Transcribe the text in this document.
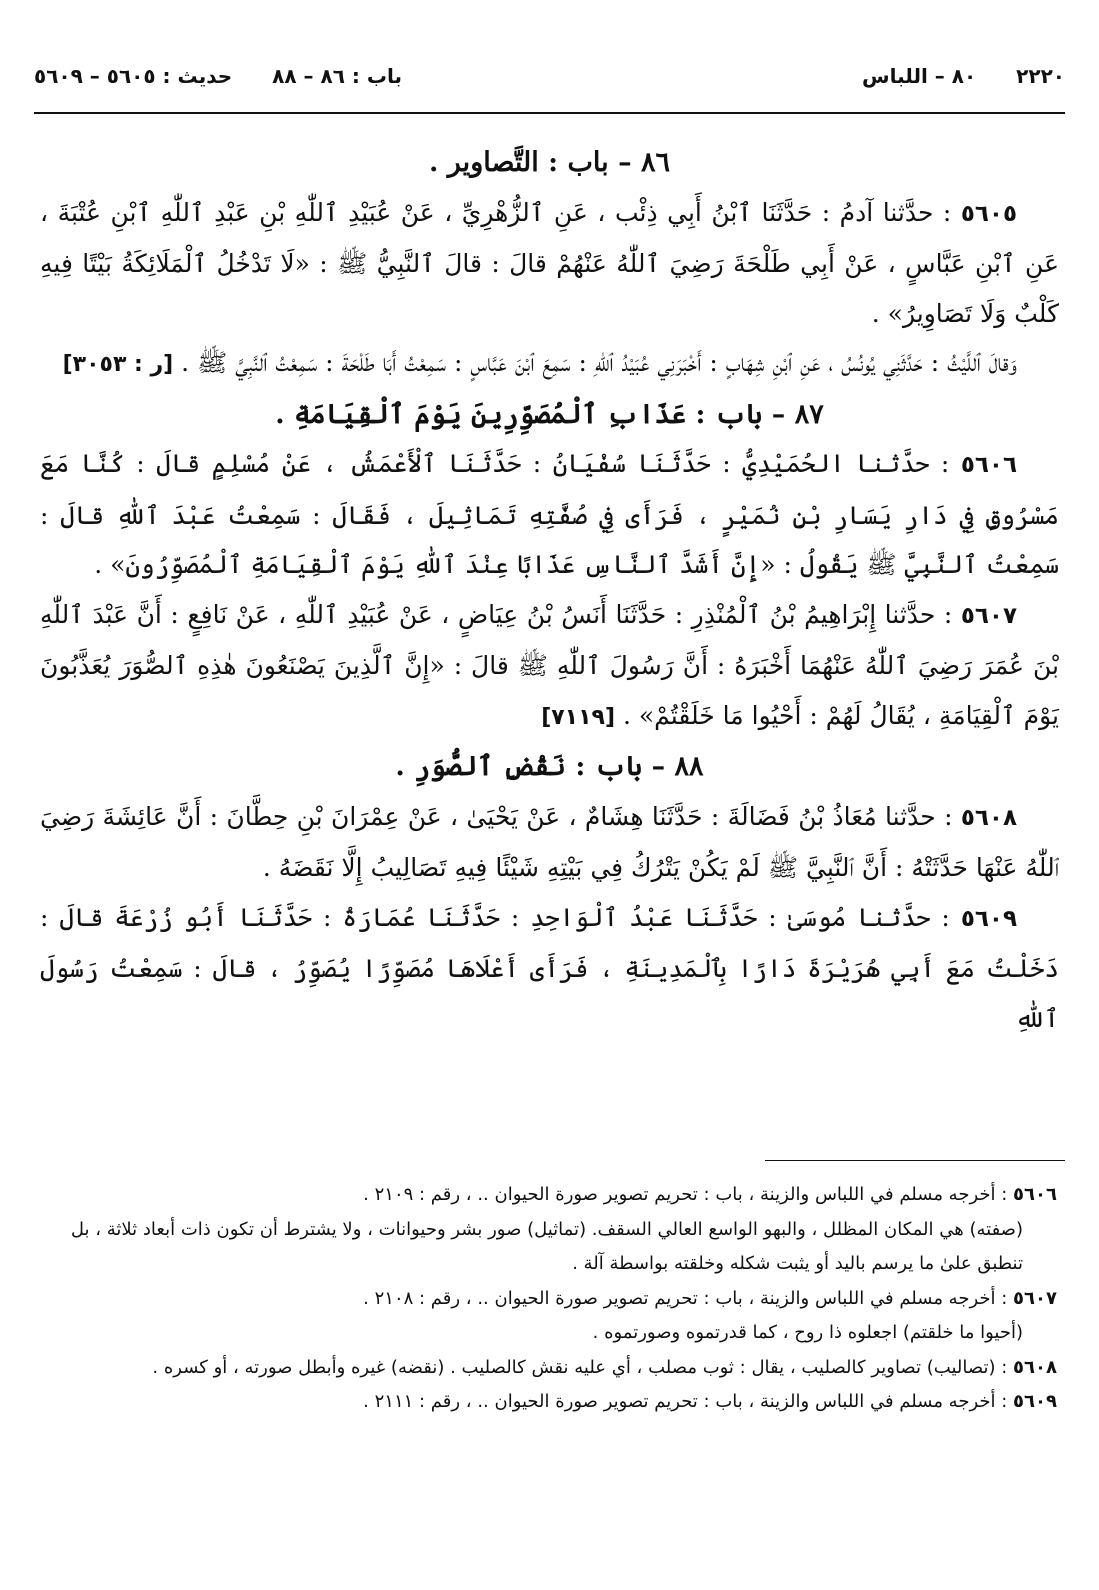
٢٢٢٠
٨٠ – اللباس
باب : ٨٦ – ٨٨
حديث : ٥٦٠٥ – ٥٦٠٩

٨٦ – باب : التَّصاوير .

٥٦٠٥ : حدَّثنا آدمُ : حَدَّثَنَا ٱبْنُ أَبِي ذِئْب ، عَنِ ٱلزُّهْرِيِّ ، عَنْ عُبَيْدِ ٱللّٰهِ بْنِ عَبْدِ ٱللّٰهِ ٱبْنِ عُتْبَةَ ، عَنِ ٱبْنِ عَبَّاسٍ ، عَنْ أَبِي طَلْحَةَ رَضِيَ ٱللّٰهُ عَنْهُمْ قالَ : قالَ ٱلنَّبِيُّ ﷺ : «لَا تَدْخُلُ ٱلْمَلَائِكَةُ بَيْتًا فِيهِ كَلْبٌ وَلَا تَصَاوِيرُ» .

وَقالَ ٱللَّيْثُ : حَدَّثَنِي يُونُسُ ، عَنِ ٱبْنِ شِهَابٍ : أَخْبَرَنِي عُبَيْدُ ٱللّٰهِ : سَمِعَ ٱبْنَ عَبَّاسٍ : سَمِعْتُ أَبَا طَلْحَةَ : سَمِعْتُ ٱلنَّبِيَّ ﷺ . [ر : ٣٠٥٣]

٨٧ – باب : عَذَابِ ٱلْمُصَوِّرِينَ يَوْمَ ٱلْقِيَامَةِ .

٥٦٠٦ : حدَّثنا الحُمَيْدِيُّ : حَدَّثَنَا سُفْيَانُ : حَدَّثَنَا ٱلْأَعْمَشُ ، عَنْ مُسْلِمٍ قالَ : كُنَّا مَعَ مَسْرُوقٍ فِي دَارِ يَسَارِ بْنِ نُمَيْرٍ ، فَرَأَى فِي صُفَّتِهِ تَمَاثِيلَ ، فَقَالَ : سَمِعْتُ عَبْدَ ٱللّٰهِ قالَ : سَمِعْتُ ٱلنَّبِيَّ ﷺ يَقُولُ : «إِنَّ أَشَدَّ ٱلنَّاسِ عَذَابًا عِنْدَ ٱللّٰهِ يَوْمَ ٱلْقِيَامَةِ ٱلْمُصَوِّرُونَ» .

٥٦٠٧ : حدَّثنا إِبْرَاهِيمُ بْنُ ٱلْمُنْذِرِ : حَدَّثَنَا أَنَسُ بْنُ عِيَاضٍ ، عَنْ عُبَيْدِ ٱللّٰهِ ، عَنْ نَافِعٍ : أَنَّ عَبْدَ ٱللّٰهِ بْنَ عُمَرَ رَضِيَ ٱللّٰهُ عَنْهُمَا أَخْبَرَهُ : أَنَّ رَسُولَ ٱللّٰهِ ﷺ قالَ : «إِنَّ ٱلَّذِينَ يَصْنَعُونَ هٰذِهِ ٱلصُّوَرَ يُعَذَّبُونَ يَوْمَ ٱلْقِيَامَةِ ، يُقَالُ لَهُمْ : أَحْيُوا مَا خَلَقْتُمْ» . [٧١١٩]

٨٨ – باب : نَقْضِ ٱلصُّوَرِ .

٥٦٠٨ : حدَّثنا مُعَاذُ بْنُ فَضَالَةَ : حَدَّثَنَا هِشَامٌ ، عَنْ يَحْيَىٰ ، عَنْ عِمْرَانَ بْنِ حِطَّانَ : أَنَّ عَائِشَةَ رَضِيَ ٱللّٰهُ عَنْهَا حَدَّثَتْهُ : أَنَّ ٱلنَّبِيَّ ﷺ لَمْ يَكُنْ يَتْرُكُ فِي بَيْتِهِ شَيْئًا فِيهِ تَصَالِيبُ إِلَّا نَقَضَهُ .

٥٦٠٩ : حدَّثنا مُوسَىٰ : حَدَّثَنَا عَبْدُ ٱلْوَاحِدِ : حَدَّثَنَا عُمَارَةُ : حَدَّثَنَا أَبُو زُرْعَةَ قالَ : دَخَلْتُ مَعَ أَبِي هُرَيْرَةَ دَارًا بِٱلْمَدِينَةِ ، فَرَأَى أَعْلَاهَا مُصَوِّرًا يُصَوِّرُ ، قالَ : سَمِعْتُ رَسُولَ ٱللّٰهِ

٥٦٠٦ : أخرجه مسلم في اللباس والزينة ، باب : تحريم تصوير صورة الحيوان .. ، رقم : ٢١٠٩ .

(صفته) هي المكان المظلل ، والبهو الواسع العالي السقف. (تماثيل) صور بشر وحيوانات ، ولا يشترط أن تكون ذات أبعاد ثلاثة ، بل تنطبق علىٰ ما يرسم باليد أو يثبت شكله وخلقته بواسطة آلة .

٥٦٠٧ : أخرجه مسلم في اللباس والزينة ، باب : تحريم تصوير صورة الحيوان .. ، رقم : ٢١٠٨ .

(أحيوا ما خلقتم) اجعلوه ذا روح ، كما قدرتموه وصورتموه .

٥٦٠٨ : (تصاليب) تصاوير كالصليب ، يقال : ثوب مصلب ، أي عليه نقش كالصليب . (نقضه) غيره وأبطل صورته ، أو كسره .

٥٦٠٩ : أخرجه مسلم في اللباس والزينة ، باب : تحريم تصوير صورة الحيوان .. ، رقم : ٢١١١ .
